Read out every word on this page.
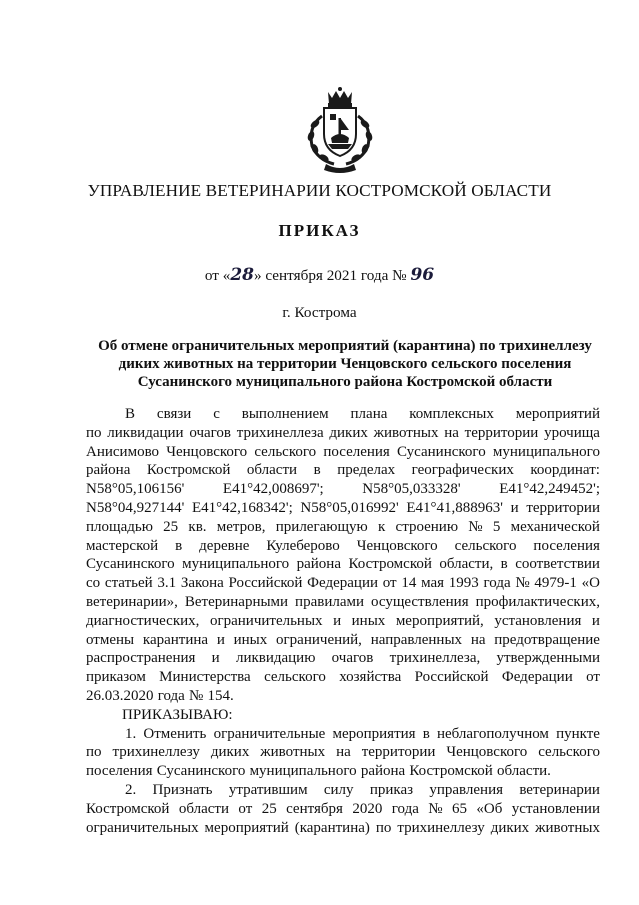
УПРАВЛЕНИЕ ВЕТЕРИНАРИИ КОСТРОМСКОЙ ОБЛАСТИ
ПРИКАЗ
от «28» сентября 2021 года № 96
г. Кострома
Об отмене ограничительных мероприятий (карантина) по трихинеллезу
диких животных на территории Ченцовского сельского поселения
Сусанинского муниципального района Костромской области
В связи с выполнением плана комплексных мероприятий
по ликвидации очагов трихинеллеза диких животных на территории урочища
Анисимово Ченцовского сельского поселения Сусанинского муниципального
района Костромской области в пределах географических координат:
N58°05,106156'	E41°42,008697';	N58°05,033328'	E41°42,249452';
N58°04,927144' E41°42,168342'; N58°05,016992' E41°41,888963' и территории
площадью 25 кв. метров, прилегающую к строению № 5 механической
мастерской в деревне Кулеберово Ченцовского сельского поселения
Сусанинского муниципального района Костромской области, в соответствии
со статьей 3.1 Закона Российской Федерации от 14 мая 1993 года № 4979-1 «О
ветеринарии», Ветеринарными правилами осуществления профилактических,
диагностических, ограничительных и иных мероприятий, установления и
отмены карантина и иных ограничений, направленных на предотвращение
распространения и ликвидацию очагов трихинеллеза, утвержденными
приказом Министерства сельского хозяйства Российской Федерации от
26.03.2020 года № 154.
ПРИКАЗЫВАЮ:
1. Отменить ограничительные мероприятия в неблагополучном пункте
по трихинеллезу диких животных на территории Ченцовского сельского
поселения Сусанинского муниципального района Костромской области.
2. Признать утратившим силу приказ управления ветеринарии
Костромской области от 25 сентября 2020 года № 65 «Об установлении
ограничительных мероприятий (карантина) по трихинеллезу диких животных
